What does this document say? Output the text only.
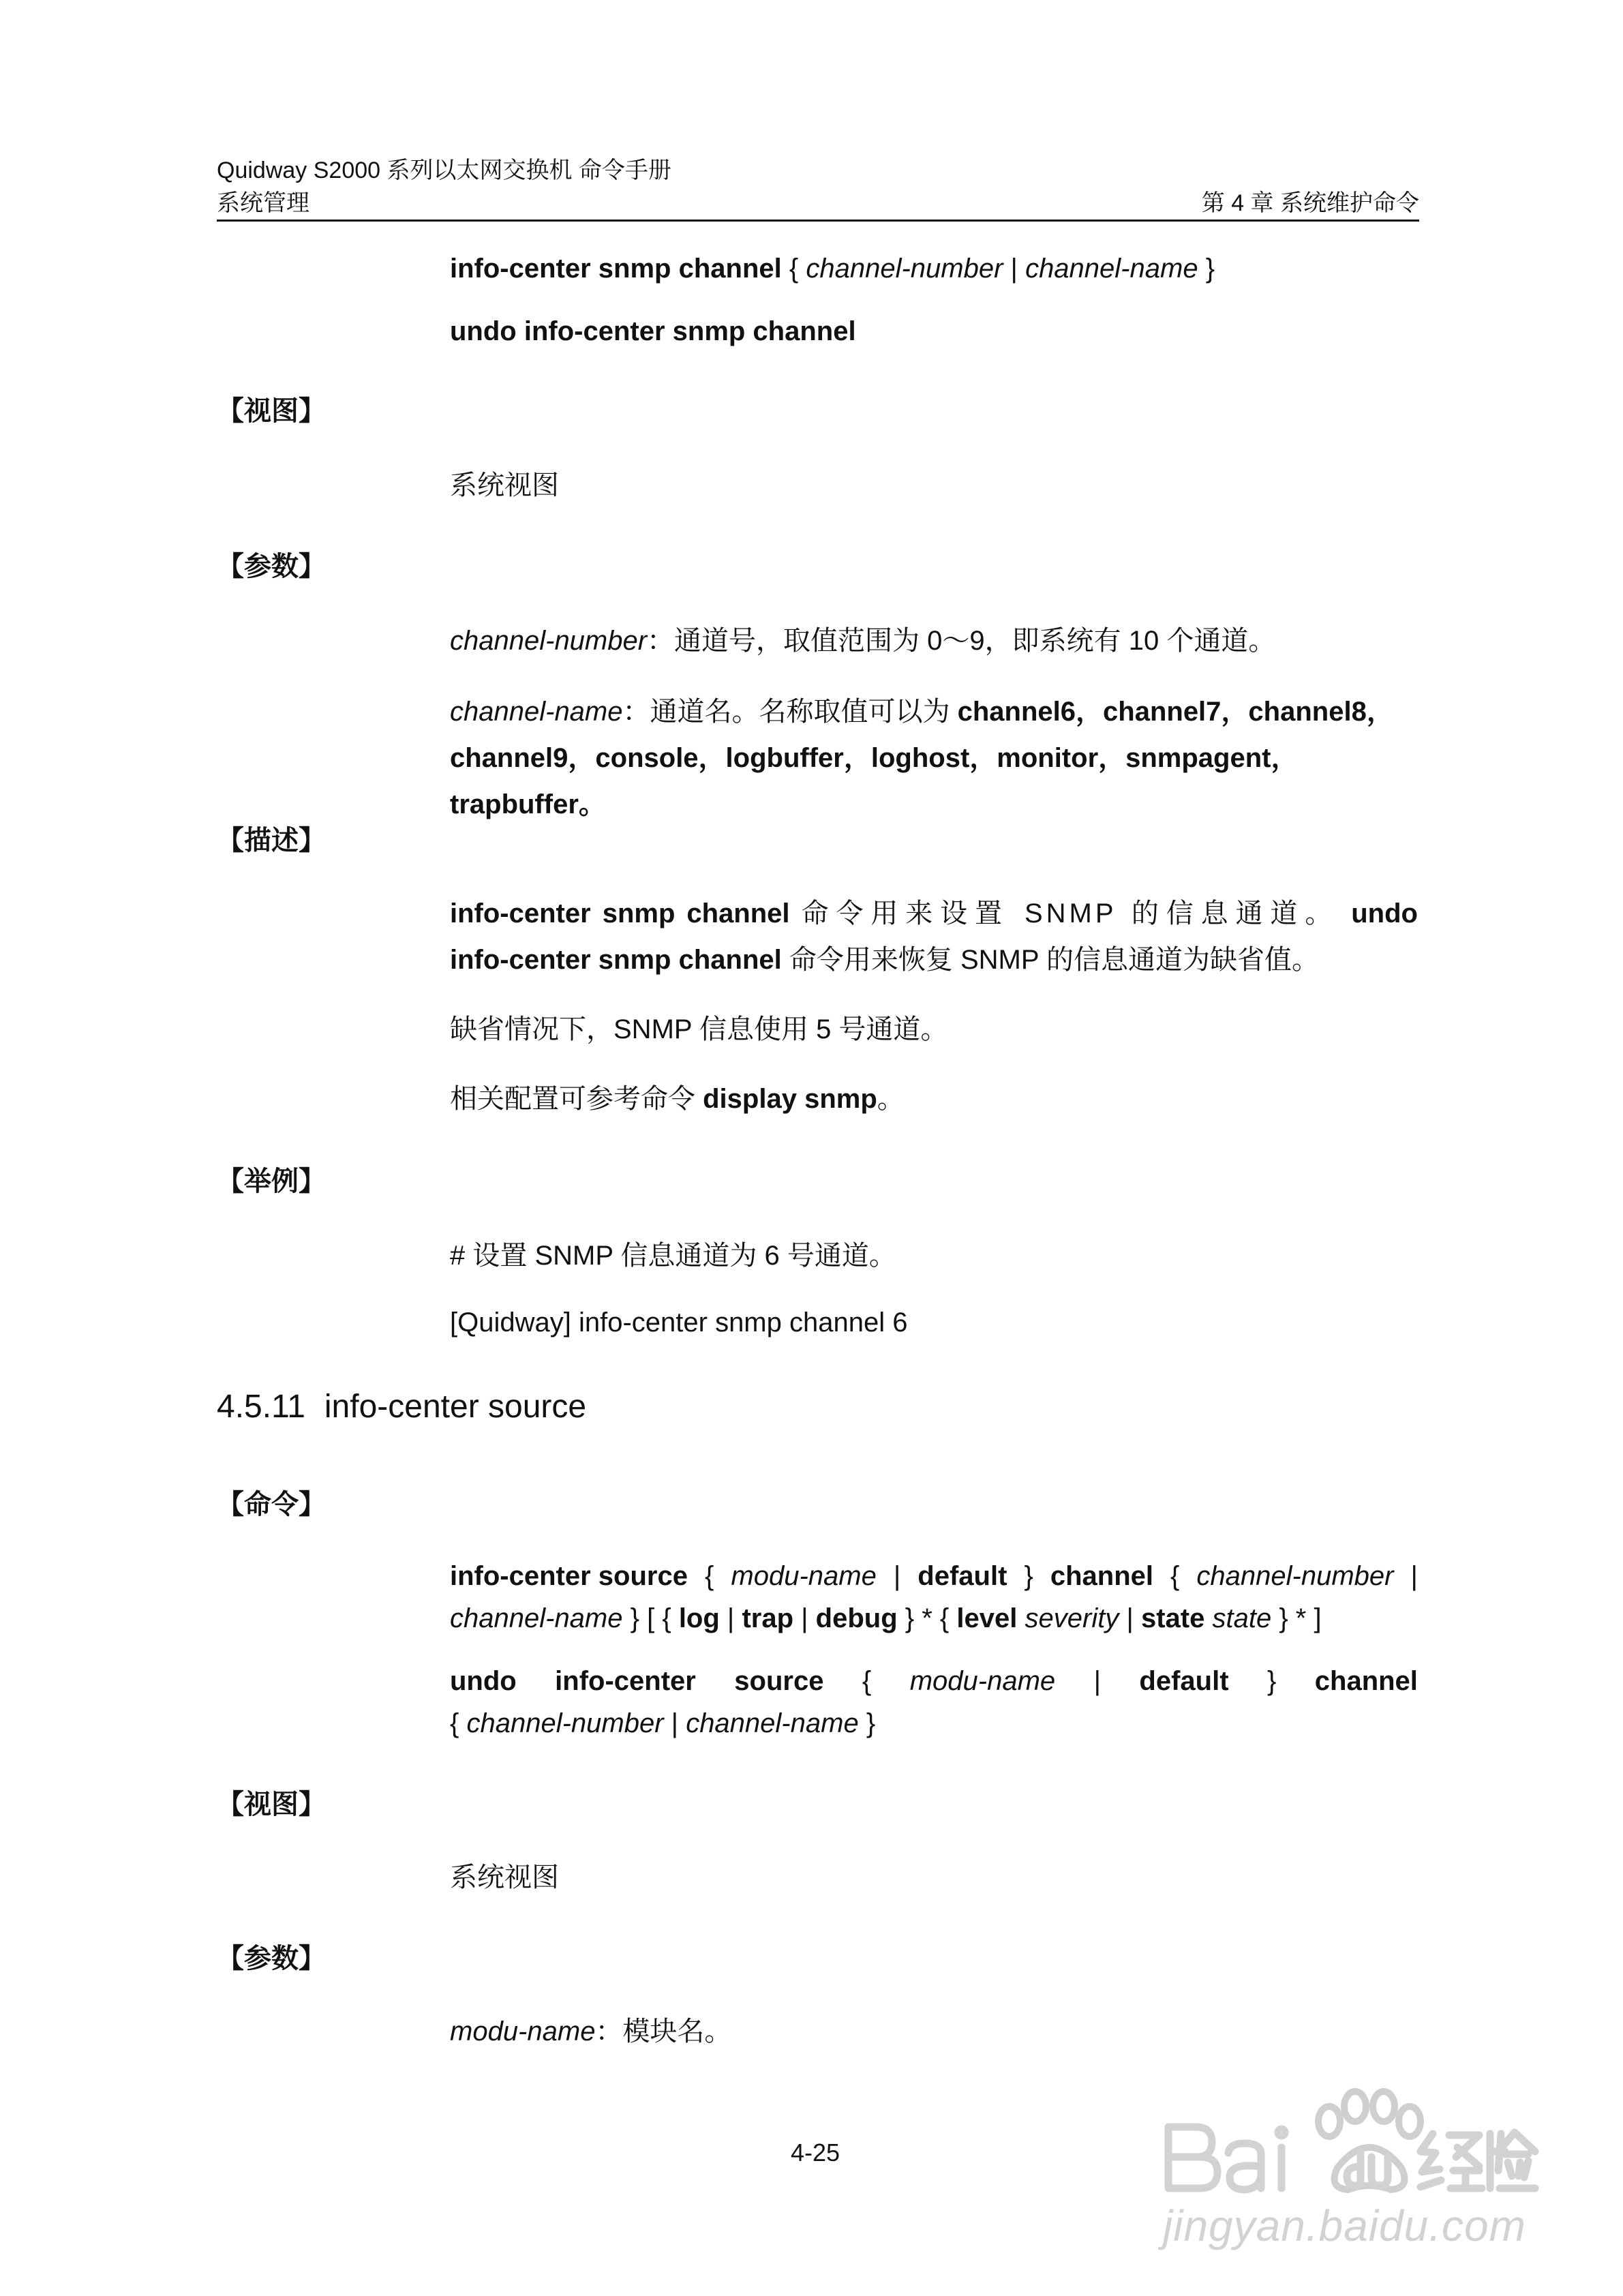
Quidway S2000 系列以太网交换机 命令手册
系统管理	第 4 章 系统维护命令
info-center snmp channel { channel-number | channel-name }
undo info-center snmp channel
【视图】
系统视图
【参数】
channel-number：通道号，取值范围为 0～9，即系统有 10 个通道。
channel-name：通道名。名称取值可以为 channel6，channel7，channel8，
channel9，console，logbuffer，loghost，monitor，snmpagent，trapbuffer。
【描述】
info-center snmp channel 命令用来设置 SNMP 的信息通道。 undo
info-center snmp channel 命令用来恢复 SNMP 的信息通道为缺省值。
缺省情况下，SNMP 信息使用 5 号通道。
相关配置可参考命令 display snmp。
【举例】
# 设置 SNMP 信息通道为 6 号通道。
[Quidway] info-center snmp channel 6
4.5.11 info-center source
【命令】
info-center source { modu-name | default } channel { channel-number |
channel-name } [ { log | trap | debug } * { level severity | state state } * ]
undo info-center source { modu-name | default } channel
{ channel-number | channel-name }
【视图】
系统视图
【参数】
modu-name：模块名。
4-25
jingyan.baidu.com
